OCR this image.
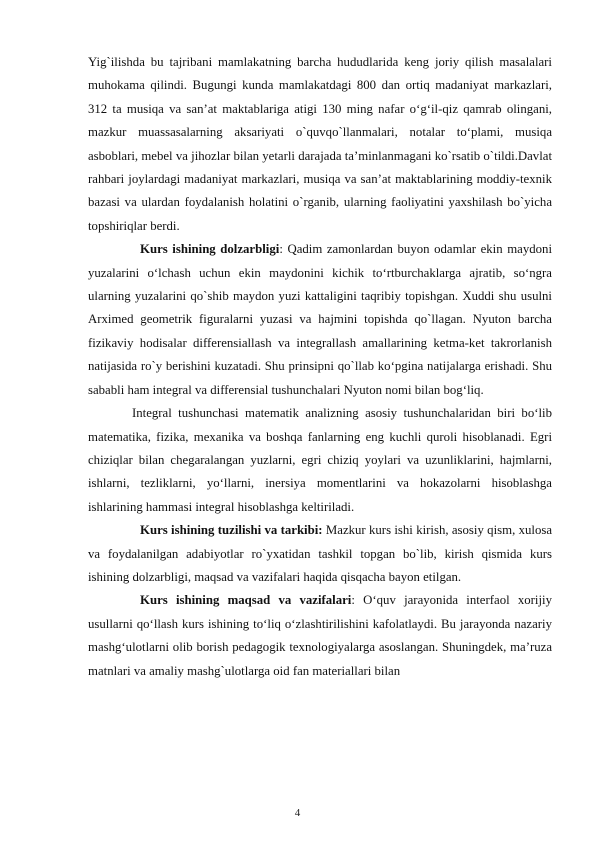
Yig`ilishda bu tajribani mamlakatning barcha hududlarida keng joriy qilish masalalari muhokama qilindi. Bugungi kunda mamlakatdagi 800 dan ortiq madaniyat markazlari, 312 ta musiqa va san’at maktablariga atigi 130 ming nafar o‘g‘il-qiz qamrab olingani, mazkur muassasalarning aksariyati o`quvqo`llanmalari, notalar to‘plami, musiqa asboblari, mebel va jihozlar bilan yetarli darajada ta’minlanmagani ko`rsatib o`tildi.Davlat rahbari joylardagi madaniyat markazlari, musiqa va san’at maktablarining moddiy-texnik bazasi va ulardan foydalanish holatini o`rganib, ularning faoliyatini yaxshilash bo`yicha topshiriqlar berdi.

Kurs ishining dolzarbligi: Qadim zamonlardan buyon odamlar ekin maydoni yuzalarini o‘lchash uchun ekin maydonini kichik to‘rtburchaklarga ajratib, so‘ngra ularning yuzalarini qo`shib maydon yuzi kattaligini taqribiy topishgan. Xuddi shu usulni Arximed geometrik figuralarni yuzasi va hajmini topishda qo`llagan. Nyuton barcha fizikaviy hodisalar differensiallash va integrallash amallarining ketma-ket takrorlanish natijasida ro`y berishini kuzatadi. Shu prinsipni qo`llab ko‘pgina natijalarga erishadi. Shu sababli ham integral va differensial tushunchalari Nyuton nomi bilan bog‘liq.

Integral tushunchasi matematik analizning asosiy tushunchalaridan biri bo‘lib matematika, fizika, mexanika va boshqa fanlarning eng kuchli quroli hisoblanadi. Egri chiziqlar bilan chegaralangan yuzlarni, egri chiziq yoylari va uzunliklarini, hajmlarni, ishlarni, tezliklarni, yo‘llarni, inersiya momentlarini va hokazolarni hisoblashga ishlarining hammasi integral hisoblashga keltiriladi.

Kurs ishining tuzilishi va tarkibi: Mazkur kurs ishi kirish, asosiy qism, xulosa va foydalanilgan adabiyotlar ro`yxatidan tashkil topgan bo`lib, kirish qismida kurs ishining dolzarbligi, maqsad va vazifalari haqida qisqacha bayon etilgan.

Kurs ishining maqsad va vazifalari: O‘quv jarayonida interfaol xorijiy usullarni qo‘llash kurs ishining to‘liq o‘zlashtirilishini kafolatlaydi. Bu jarayonda nazariy mashg‘ulotlarni olib borish pedagogik texnologiyalarga asoslangan. Shuningdek, ma’ruza matnlari va amaliy mashg`ulotlarga oid fan materiallari bilan

4
